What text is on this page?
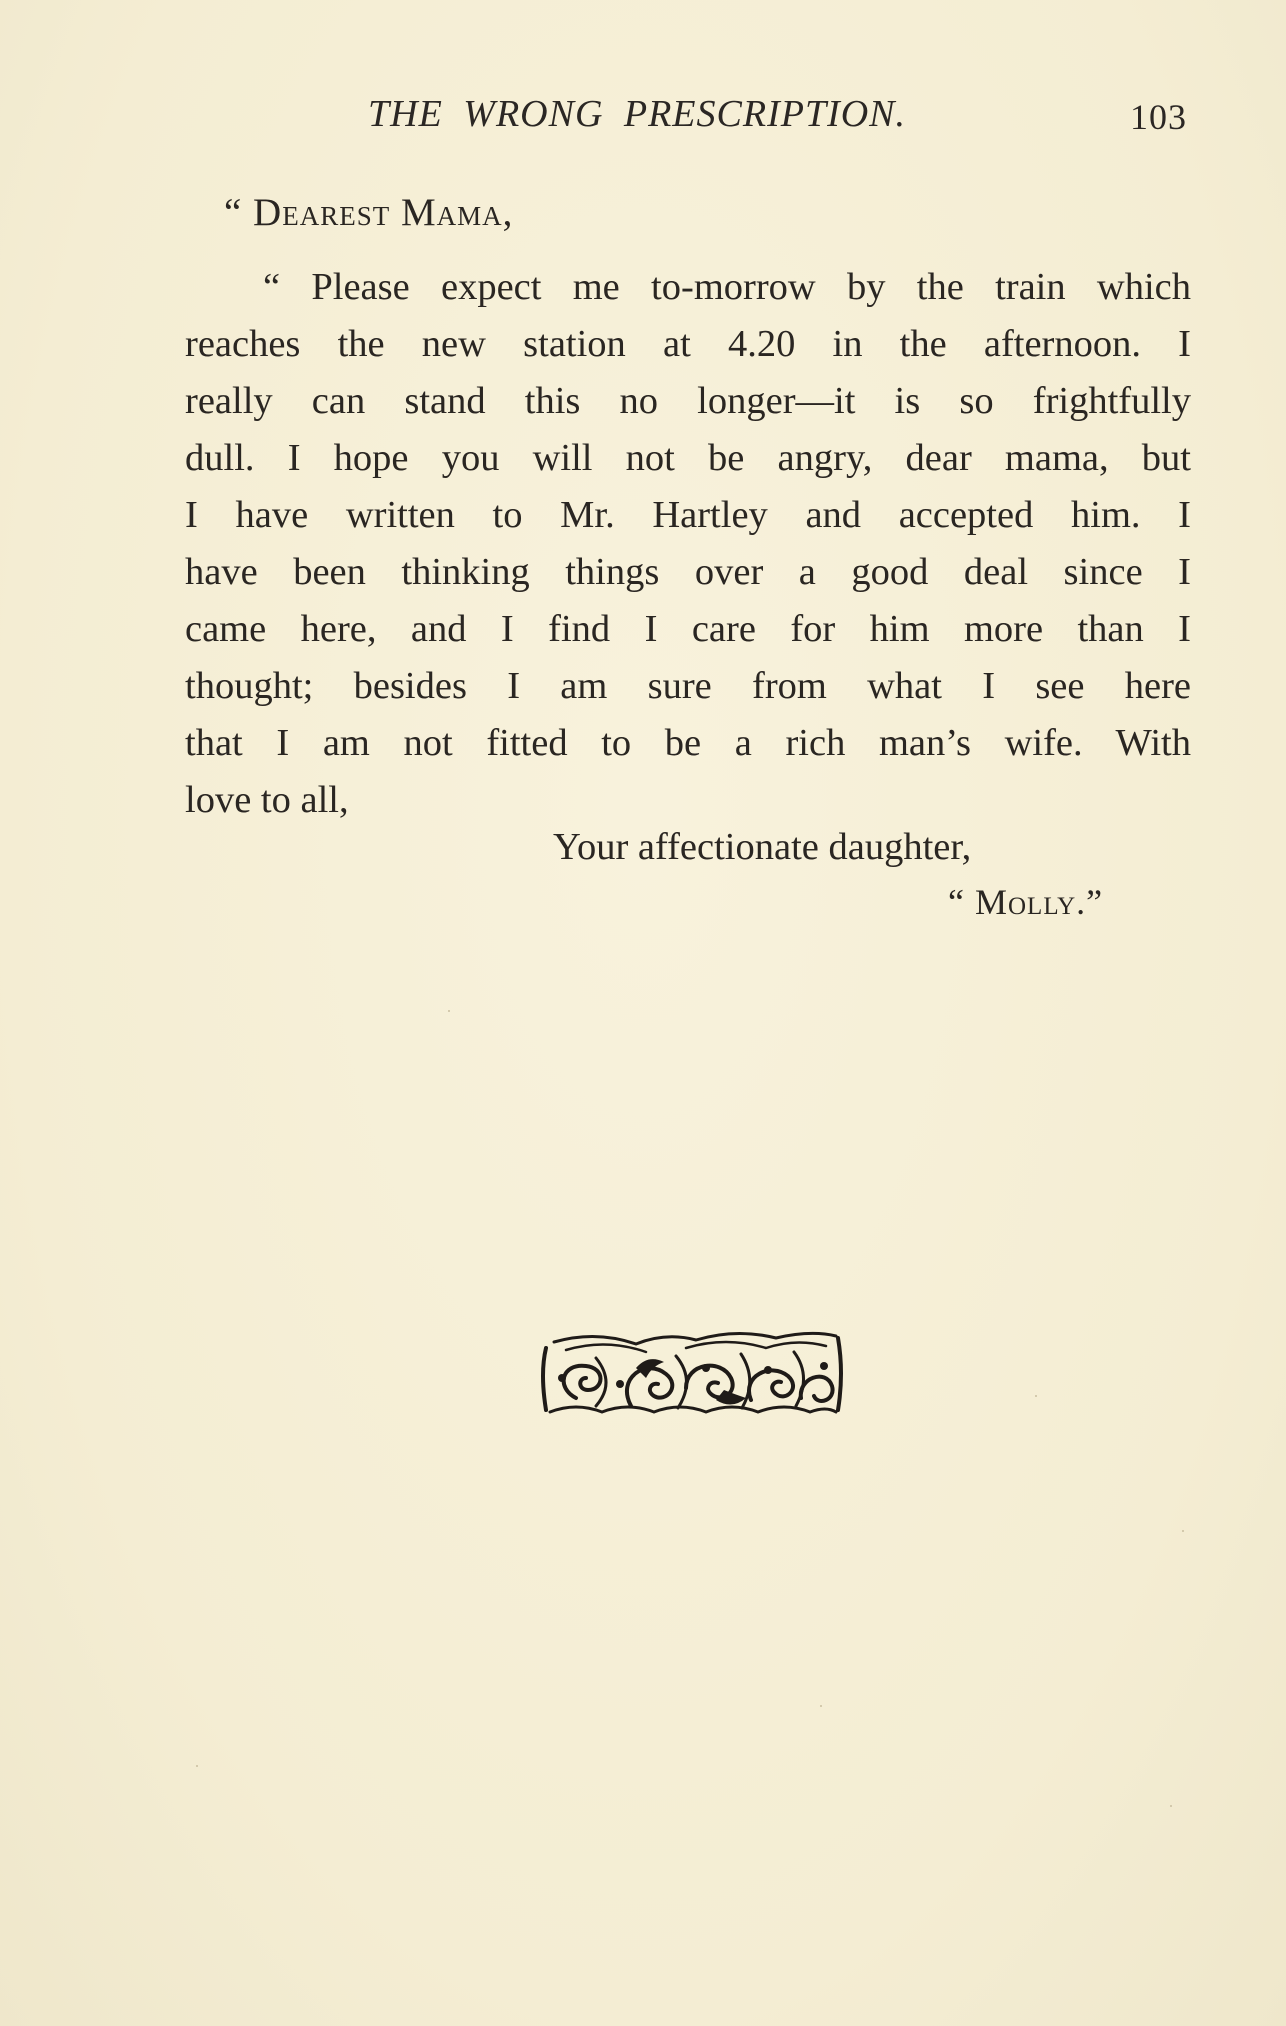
THE WRONG PRESCRIPTION.	103
“ Dearest Mama,
“ Please expect me to-morrow by the train which
reaches the new station at 4.20 in the afternoon. I
really can stand this no longer—it is so frightfully
dull. I hope you will not be angry, dear mama, but
I have written to Mr. Hartley and accepted him. I
have been thinking things over a good deal since I
came here, and I find I care for him more than I
thought; besides I am sure from what I see here
that I am not fitted to be a rich man’s wife. With
love to all,
Your affectionate daughter,
“ Molly.”
